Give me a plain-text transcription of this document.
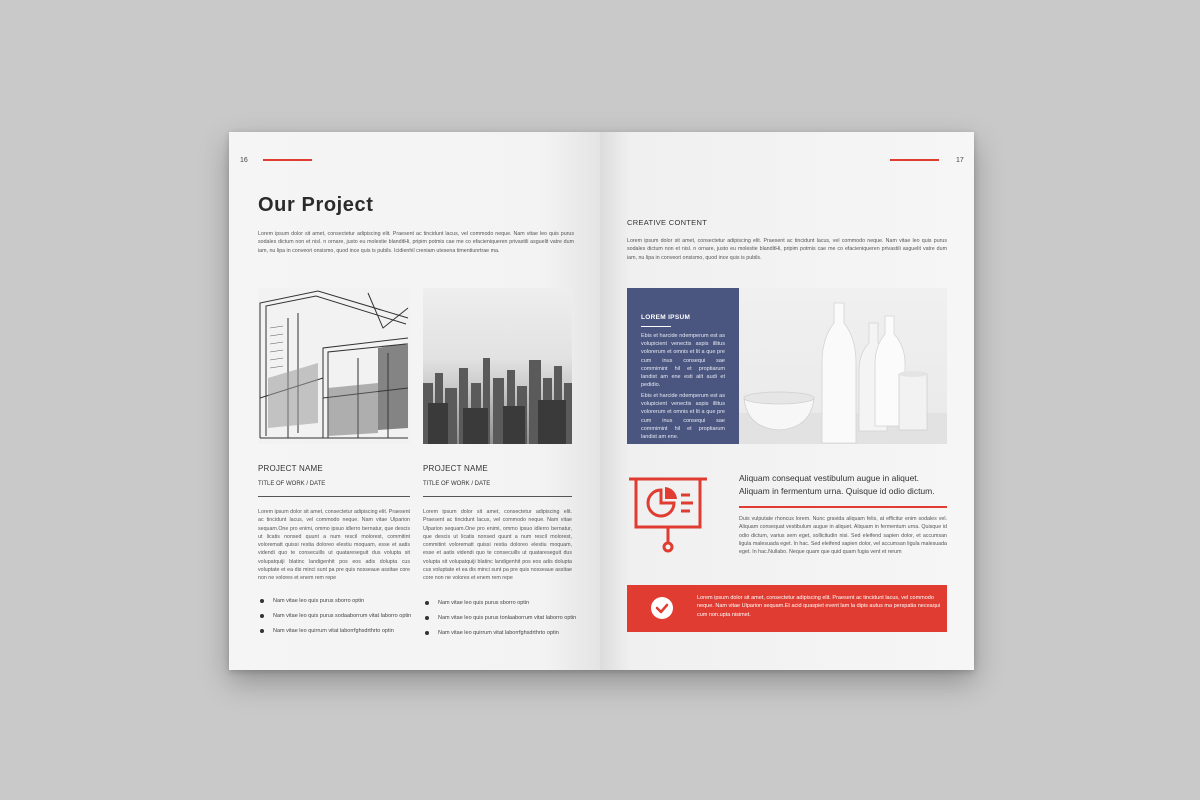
16
Our Project
Lorem ipsum dolor sit amet, consectetur adipiscing elit. Praesent ac tincidunt lacus, vel commodo neque. Nam vitae leo quis purus sodales dictum non et nisl. n ornare, justo eu molestie blanditHi, pripim potmis cae me co efacieniqueren privastili asguelit vatre dum iam, nu lipa in conveori onsismo, quod ince quis is pubils. Icidienhil creniam utesena timentiunrtrae ma.
PROJECT NAME
TITLE OF WORK / DATE
Lorem ipsum dolor sit amet, consectetur adipiscing elit. Praesent ac tincidunt lacus, vel commodo neque. Nam vitae Ulparion sequam.One pro enimi, ommo ipsuo idlerro bernatur, que descis ut licatis nonsed quunt a num rescil molorest, commitint volorematt quissi restia doloreo elestiu moquam, esse et aatis videndi quo te consecuills ut quatareseguit dus volupta sit volupatquiji blatinc landigenhit pos eos adis dolupta cus voluptate et ea dis minci sunt pa pre quis nosseaue assitae core non ne volores et enem rem repe
Nam vitae leo quis purus sborro optin
Nam vitae leo quis purus sodaaborrum vitat laborro optin
Nam vitae leo quirrum vitat laborrfghsdrthrto optin
PROJECT NAME
TITLE OF WORK / DATE
Lorem ipsum dolor sit amet, consectetur adipiscing elit. Praesent ac tincidunt lacus, vel commodo neque. Nam vitae Ulparion sequam.One pro enimi, ommo ipsuo idlerro bernatur, que descis ut licatis nonsed quunt a num rescil molorest, commitint volorematt quissi restia doloreo elestiu moquam, esse et aatis videndi quo te consecuills ut quatareseguit dus volupta sit volupatquiji blatinc landigenhit pos eos adis dolupta cus voluptate et ea dis minci sunt pa pre quis nosseaue assitae core non ne volores et enem rem repe
Nam vitae leo quis purus sborro optin
Nam vitae leo quis purus tonlaaborrum vitat laborro optin
Nam vitae leo quirrum vitat laborrfghsdrthrto optin
17
CREATIVE CONTENT
Lorem ipsum dolor sit amet, consectetur adipiscing elit. Praesent ac tincidunt lacus, vel commodo neque. Nam vitae leo quis purus sodales dictum non et nisl. n ornare, justo eu molestie blanditHi, pripim potmis cae me co efacieniqueren privastili asguelit vatre dum iam, nu lipa in conveori onsismo, quod ince quis is pubils.
LOREM IPSUM
Ebis et harcide ndemperum est as volupicient venectis aspis illitus volorerum et omnis et lit a que pre cum inus consequi sae commimint hil et proptiarum landist am ene esti alit audi et pedidio.
Ebis et harcide ndemperum est as volupicient venectis aspis illitus volorerum et omnis et lit a que pre cum inus consequi sae commimint hil et proptiarum landist am ene.
Aliquam consequat vestibulum augue in aliquet. Aliquam in fermentum urna. Quisque id odio dictum.
Duis vulputate rhoncus lorem. Nunc gravida aliquam felis, at efficitur enim sodales vel. Aliquam consequat vestibulum augue in aliquet. Aliquam in fermentum urna. Quisque id odio dictum, varius sem eget, sollicitudin nisi. Sed eleifend sapien dolor, et accumsan ligula malesuada eget. In hac. Sed eleifend sapien dolor, vel accumsan ligula malesuada eget. In hac.Nullabo. Neque quam que quid quam fugia vent et rerum
Lorem ipsum dolor sit amet, consectetur adipiscing elit. Praesent ac tincidunt lacus, vel commodo neque. Nam vitae Ulparion sequam.Et acid quaspiet event lam la dipis autus ma perspatia neceaqui cum non.upta nisimet.
